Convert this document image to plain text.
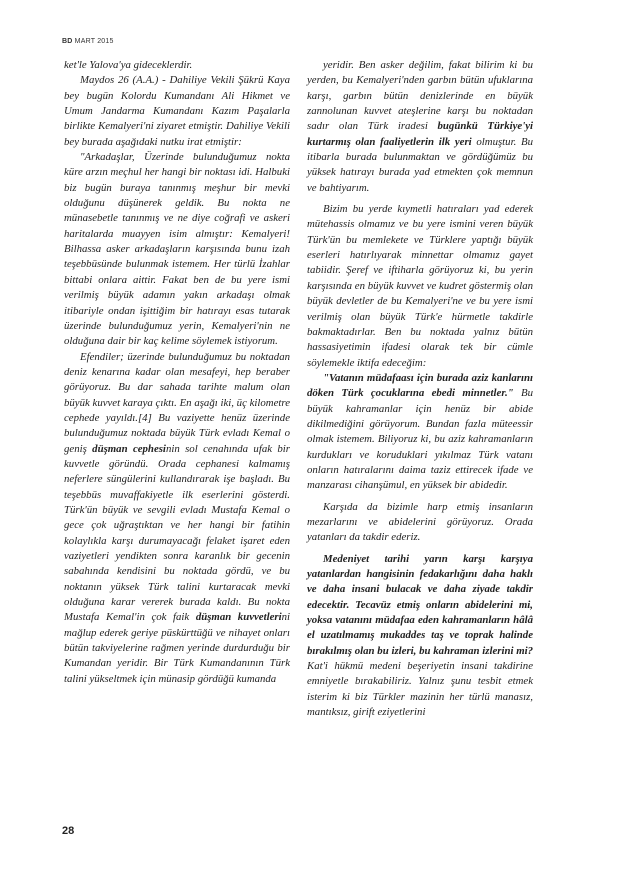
BD MART 2015

ket'le Yalova'ya gideceklerdir.

Maydos 26 (A.A.) - Dahiliye Vekili Şükrü Kaya bey bugün Kolordu Kumandanı Ali Hikmet ve Umum Jandarma Kumandanı Kazım Paşalarla birlikte Kemalyeri'ni ziyaret etmiştir. Dahiliye Vekili bey burada aşağıdaki nutku irat etmiştir:

"Arkadaşlar, Üzerinde bulunduğumuz nokta küre arzın meçhul her hangi bir noktası idi. Halbuki biz bugün buraya tanınmış meşhur bir mevki olduğunu düşünerek geldik. Bu nokta ne münasebetle tanınmış ve ne diye coğrafi ve askeri haritalarda muayyen isim almıştır: Kemalyeri! Bilhassa asker arkadaşların karşısında bunu izah teşebbüsünde bulunmak istemem. Her türlü İzahlar bittabi onlara aittir. Fakat ben de bu yere ismi verilmiş büyük adamın yakın arkadaşı olmak itibariyle ondan işittiğim bir hatırayı esas tutarak üzerinde bulunduğumuz yerin, Kemalyeri'nin ne olduğuna dair bir kaç kelime söylemek istiyorum.

Efendiler; üzerinde bulunduğumuz bu noktadan deniz kenarına kadar olan mesafeyi, hep beraber görüyoruz. Bu dar sahada tarihte malum olan büyük kuvvet karaya çıktı. En aşağı iki, üç kilometre cephede yayıldı.[4] Bu vaziyette henüz üzerinde bulunduğumuz noktada büyük Türk evladı Kemal o geniş düşman cephesinin sol cenahında ufak bir kuvvetle göründü. Orada cephanesi kalmamış neferlere süngülerini kullandırarak işe başladı. Bu teşebbüs muvaffakiyetle ilk eserlerini gösterdi. Türk'ün büyük ve sevgili evladı Mustafa Kemal o gece çok uğraştıktan ve her hangi bir fatihin kolaylıkla karşı durumayacağı felaket işaret eden vaziyetleri yendikten sonra karanlık bir gecenin sabahında kendisini bu noktada gördü, ve bu noktanın yüksek Türk talini kurtaracak mevki olduğuna karar vererek burada kaldı. Bu nokta Mustafa Kemal'in çok faik düşman kuvvetlerini mağlup ederek geriye püskürttüğü ve nihayet onları bütün takviyelerine rağmen yerinde durdurduğu bir Kumandan yeridir. Bir Türk Kumandanının Türk talini yükseltmek için münasip gördüğü kumanda

yeridir. Ben asker değilim, fakat bilirim ki bu yerden, bu Kemalyeri'nden garbın bütün ufuklarına karşı, garbın bütün denizlerinde en büyük zannolunan kuvvet ateşlerine karşı bu noktadan sadır olan Türk iradesi bugünkü Türkiye'yi kurtarmış olan faaliyetlerin ilk yeri olmuştur. Bu itibarla burada bulunmaktan ve gördüğümüz bu yüksek hatırayı burada yad etmekten çok memnun ve bahtiyarım.

Bizim bu yerde kıymetli hatıraları yad ederek mütehassis olmamız ve bu yere ismini veren büyük Türk'ün bu memlekete ve Türklere yaptığı büyük eserleri hatırlıyarak minnettar olmamız gayet tabiidir. Şeref ve iftiharla görüyoruz ki, bu yerin karşısında en büyük kuvvet ve kudret göstermiş olan büyük devletler de bu Kemalyeri'ne ve bu yere ismi verilmiş olan büyük Türk'e hürmetle takdirle bakmaktadırlar. Ben bu noktada yalnız bütün hassasiyetimin ifadesi olarak tek bir cümle söylemekle iktifa edeceğim:

"Vatanın müdafaası için burada aziz kanlarını döken Türk çocuklarına ebedi minnetler." Bu büyük kahramanlar için henüz bir abide dikilmediğini görüyorum. Bundan fazla müteessir olmak istemem. Biliyoruz ki, bu aziz kahramanların kurdukları ve koruduklari yıkılmaz Türk vatanı onların hatıralarını daima taziz ettirecek ifade ve manzarası cihanşümul, en yüksek bir abidedir.

Karşıda da bizimle harp etmiş insanların mezarlarını ve abidelerini görüyoruz. Orada yatanları da takdir ederiz.

Medeniyet tarihi yarın karşı karşıya yatanlardan hangisinin fedakarlığını daha haklı ve daha insani bulacak ve daha ziyade takdir edecektir. Tecavüz etmiş onların abidelerini mi, yoksa vatanını müdafaa eden kahramanların hâlâ el uzatılmamış mukaddes taş ve toprak halinde bırakılmış olan bu izleri, bu kahraman izlerini mi? Kat'i hükmü medeni beşeriyetin insani takdirine emniyetle bırakabiliriz. Yalnız şunu tesbit etmek isterim ki biz Türkler mazinin her türlü manasız, mantıksız, girift eziyetlerini

28
